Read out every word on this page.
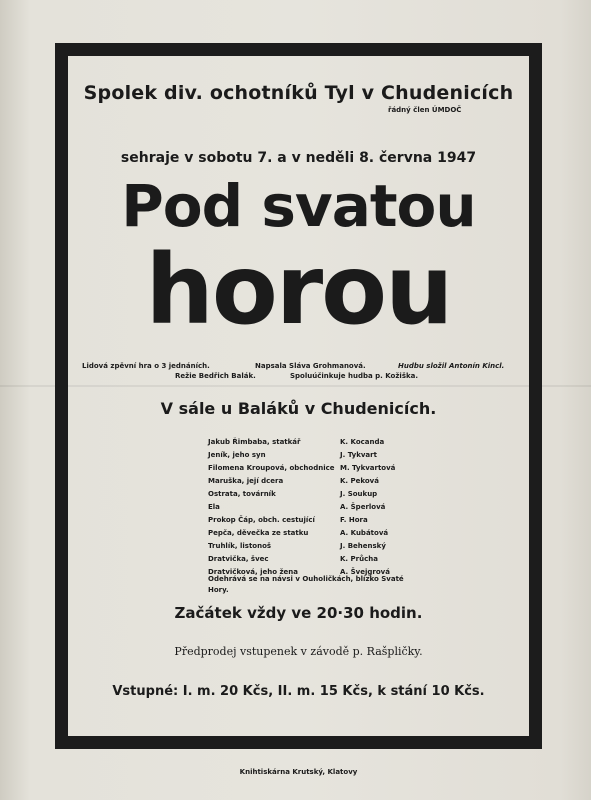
Spolek div. ochotníků Tyl v Chudenicích
řádný člen ÚMDOČ
sehraje v sobotu 7. a v neděli 8. června 1947
Pod svatou
horou
Lidová zpěvní hra o 3 jednáních.	Napsala Sláva Grohmanová.	Hudbu složil Antonín Kincl.
Režie Bedřich Balák.	Spoluúčinkuje hudba p. Kožiška.
V sále u Baláků v Chudenicích.
Jakub Řimbaba, statkář	K. Kocanda
Jeník, jeho syn	J. Tykvart
Filomena Kroupová, obchodnice M. Tykvartová
Maruška, její dcera	K. Peková
Ostrata, továrník	J. Soukup
Ela	A. Šperlová
Prokop Čáp, obch. cestující	F. Hora
Pepča, děvečka ze statku	A. Kubátová
Truhlík, listonoš	J. Behenský
Dratvička, švec	K. Průcha
Dratvičková, jeho žena	A. Švejgrová
Odehrává se na návsi v Ouholičkách, blízko Svaté Hory.
Začátek vždy ve 20·30 hodin.
Předprodej vstupenek v závodě p. Rašpličky.
Vstupné: I. m. 20 Kčs, II. m. 15 Kčs, k stání 10 Kčs.
Knihtiskárna Krutský, Klatovy
